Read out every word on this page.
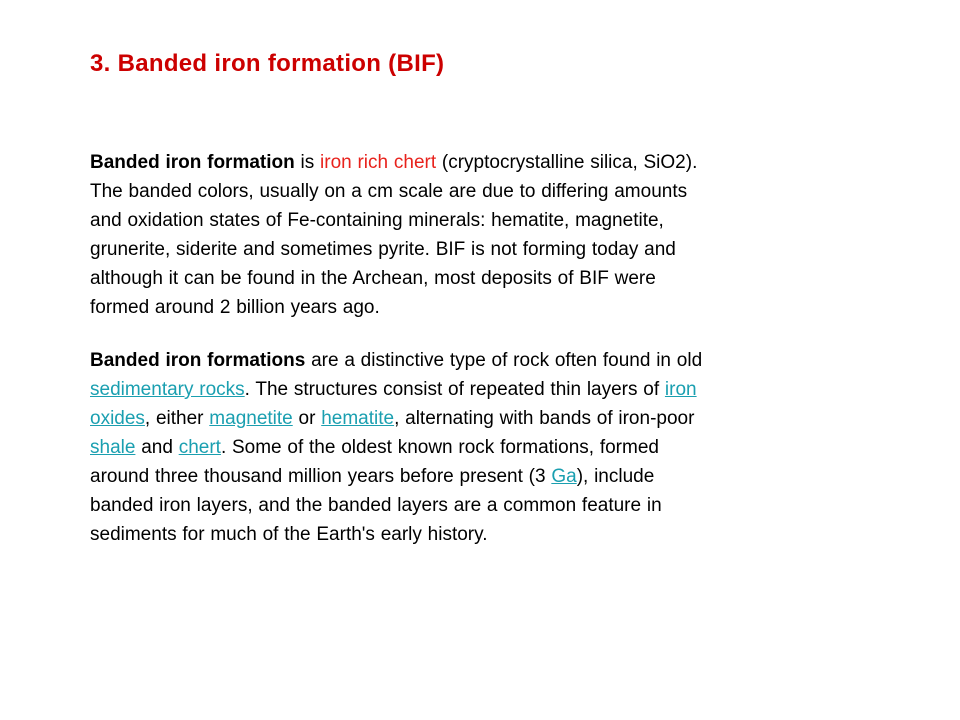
3. Banded iron formation (BIF)

Banded iron formation is iron rich chert (cryptocrystalline silica, SiO2).
The banded colors, usually on a cm scale are due to differing amounts
and oxidation states of Fe-containing minerals: hematite, magnetite,
grunerite, siderite and sometimes pyrite. BIF is not forming today and
although it can be found in the Archean, most deposits of BIF were
formed around 2 billion years ago.

Banded iron formations are a distinctive type of rock often found in old
sedimentary rocks. The structures consist of repeated thin layers of iron
oxides, either magnetite or hematite, alternating with bands of iron-poor
shale and chert. Some of the oldest known rock formations, formed
around three thousand million years before present (3 Ga), include
banded iron layers, and the banded layers are a common feature in
sediments for much of the Earth's early history.
